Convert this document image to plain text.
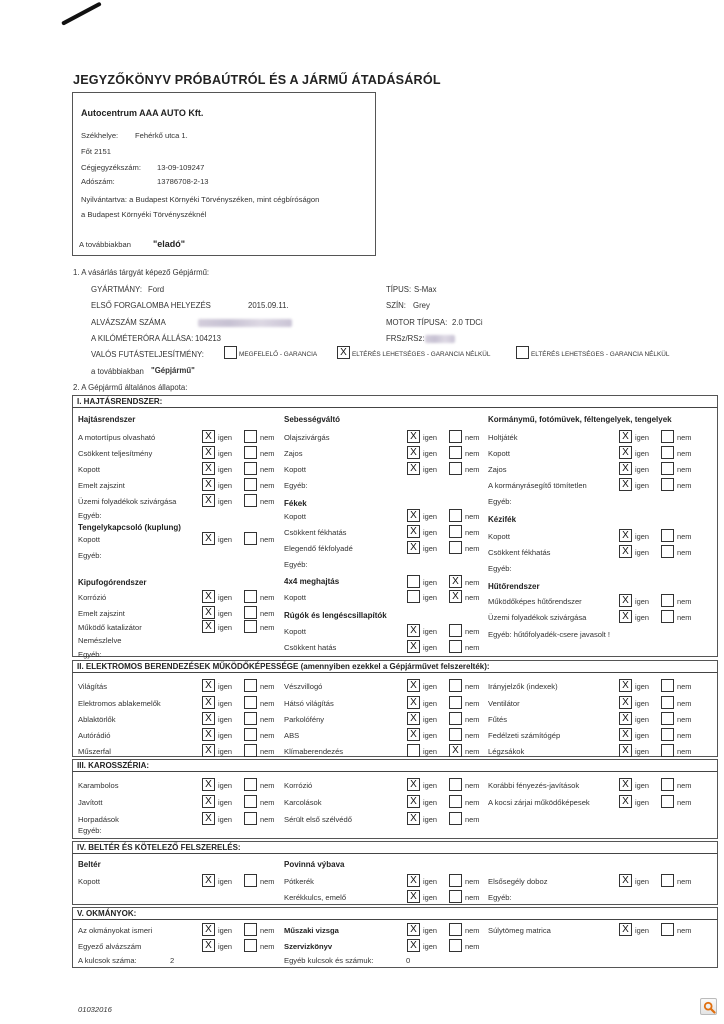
JEGYZŐKÖNYV PRÓBAÚTRÓL ÉS A JÁRMŰ ÁTADÁSÁRÓL
Autocentrum AAA AUTO Kft.
Székhelye: Fehérkő utca 1.
Főt 2151
Cégjegyzékszám: 13-09-109247
Adószám:	13786708-2-13
Nyilvántartva: a Budapest Környéki Törvényszéken, mint cégbíróságon
a Budapest Környéki Törvényszéknél
A továbbiakban "eladó"
1. A vásárlás tárgyát képező Gépjármű:
GYÁRTMÁNY: Ford	TÍPUS: S-Max
ELSŐ FORGALOMBA HELYEZÉS	2015.09.11.	SZÍN: Grey
ALVÁZSZÁM SZÁMA	MOTOR TÍPUSA: 2.0 TDCi
A KILÓMÉTERÓRA ÁLLÁSA: 104213	FRSz/RSz:
VALÓS FUTÁSTELJESÍTMÉNY:	MEGFELELŐ - GARANCIA	X ELTÉRÉS LEHETSÉGES - GARANCIA NÉLKÜL	ELTÉRÉS LEHETSÉGES - GARANCIA NÉLKÜL
a továbbiakban "Gépjármű"
2. A Gépjármű általános állapota:
I. HAJTÁSRENDSZER:
II. ELEKTROMOS BERENDEZÉSEK MŰKÖDŐKÉPESSÉGE (amennyiben ezekkel a Gépjárművet felszerelték):
III. KAROSSZÉRIA:
Egyéb:
IV. BELTÉR ÉS KÖTELEZŐ FELSZERELÉS:
Beltér	Povinná výbava
V. OKMÁNYOK:
A kulcsok száma:	2	Egyéb kulcsok és számuk:	0
01032016
Hajtásrendszer
A motortípus olvasható	X igen	nem
Csökkent teljesítmény	X igen	nem
Kopott	X igen	nem
Emelt zajszint	X igen	nem
Üzemi folyadékok szivárgása	X igen	nem
Egyéb:
Tengelykapcsoló (kuplung)
Kopott	X igen	nem
Egyéb:
Kipufogórendszer
Korrózió	X igen	nem
Emelt zajszint	X igen	nem
Működő katalizátor	X igen	nem
Nemészlelve
Egyéb:
Sebességváltó
Olajszivárgás	X igen	nem
Zajos	X igen	nem
Kopott	X igen	nem
Egyéb:
Fékek
Kopott	X igen	nem
Csökkent fékhatás	X igen	nem
Elegendő fékfolyadé	X igen	nem
Egyéb:
4x4 meghajtás	igen	X nem
Kopott	igen	X nem
Rúgók és lengéscsillapítók
Kopott	X igen	nem
Csökkent hatás	X igen	nem
Kormánymű, fotómüvek, féltengelyek, tengelyek
Holtjáték	X igen	nem
Kopott	X igen	nem
Zajos	X igen	nem
A kormányrásegítő tömítetlen	X igen	nem
Egyéb:
Kézifék
Kopott	X igen	nem
Csökkent fékhatás	X igen	nem
Egyéb:
Hűtőrendszer
Működőképes hűtőrendszer	X igen	nem
Üzemi folyadékok szivárgása	X igen	nem
Egyéb: hűtőfolyadék-csere javasolt !
Világítás	X igen	nem Vészvillogó	X igen	nem Irányjelzők (indexek)	X igen	nem
Elektromos ablakemelők	X igen	nem Hátsó világítás	X igen	nem Ventilátor	X igen	nem
Ablaktörlők	X igen	nem Parkolófény	X igen	nem Fűtés	X igen	nem
Autórádió	X igen	nem ABS	X igen	nem Fedélzeti számítógép	X igen	nem
Műszerfal	X igen	nem Klímaberendezés	igen	X nem Légzsákok	X igen	nem
Karambolos	X igen	nem Korrózió	X igen	nem Korábbi fényezés-javítások	X igen	nem
Javított	X igen	nem Karcolások	X igen	nem A kocsi zárjai működőképesek	X igen	nem
Horpadások	X igen	nem Sérült első szélvédő	X igen	nem
Kopott	X igen	nem Pótkerék	X igen	nem Elsősegély doboz	X igen	nem
Kerékkulcs, emelő	X igen	nem Egyéb:
Az okmányokat ismeri	X igen	nem Műszaki vizsga	X igen	nem Súlytömeg matrica	X igen	nem
Egyező alvázszám	X igen	nem Szervizkönyv	X igen	nem
